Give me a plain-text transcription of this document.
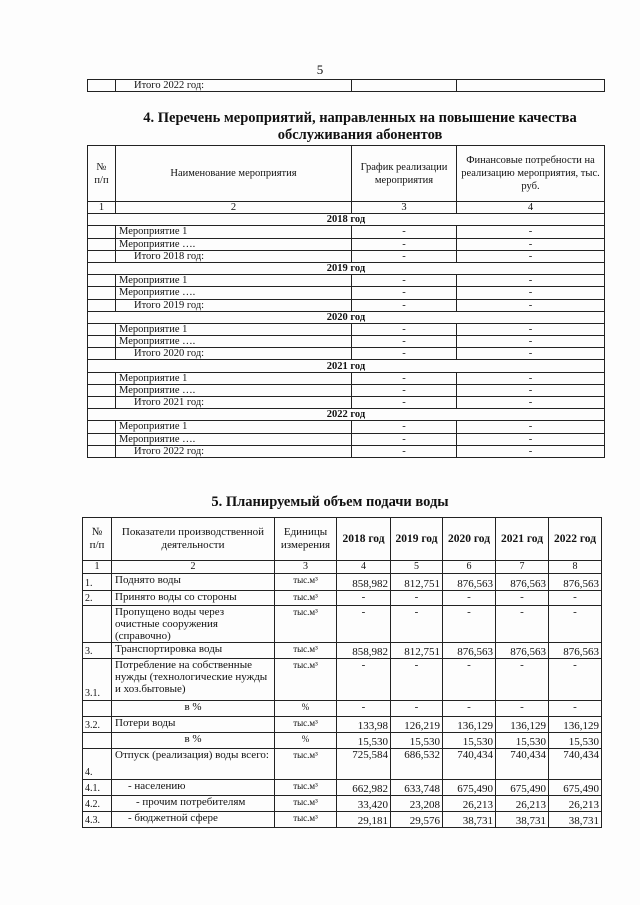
5
	Итого 2022 год:		
4. Перечень мероприятий, направленных на повышение качества
обслуживания абонентов
№ п/п	Наименование мероприятия	График реализации мероприятия	Финансовые потребности на реализацию мероприятия, тыс. руб.
1	2	3	4
2018 год			
	Мероприятие 1	-	-
	Мероприятие ….	-	-
	Итого 2018 год:	-	-
2019 год			
	Мероприятие 1	-	-
	Мероприятие ….	-	-
	Итого 2019 год:	-	-
2020 год			
	Мероприятие 1	-	-
	Мероприятие ….	-	-
	Итого 2020 год:	-	-
2021 год			
	Мероприятие 1	-	-
	Мероприятие ….	-	-
	Итого 2021 год:	-	-
2022 год			
	Мероприятие 1	-	-
	Мероприятие ….	-	-
	Итого 2022 год:	-	-
5. Планируемый объем подачи воды
№ п/п	Показатели производственной деятельности	Единицы измерения	2018 год	2019 год	2020 год	2021 год	2022 год
1	2	3	4	5	6	7	8
1.	Поднято воды	тыс.м³	858,982	812,751	876,563	876,563	876,563
2.	Принято воды со стороны	тыс.м³	-	-	-	-	-
	Пропущено воды через очистные сооружения (справочно)	тыс.м³	-	-	-	-	-
3.	Транспортировка воды	тыс.м³	858,982	812,751	876,563	876,563	876,563
3.1.	Потребление на собственные нужды (технологические нужды и хоз.бытовые)	тыс.м³	-	-	-	-	-
	в %	%	-	-	-	-	-
3.2.	Потери воды	тыс.м³	133,98	126,219	136,129	136,129	136,129
	в %	%	15,530	15,530	15,530	15,530	15,530
4.	Отпуск (реализация) воды всего:	тыс.м³	725,584	686,532	740,434	740,434	740,434
4.1.	- населению	тыс.м³	662,982	633,748	675,490	675,490	675,490
4.2.	- прочим потребителям	тыс.м³	33,420	23,208	26,213	26,213	26,213
4.3.	- бюджетной сфере	тыс.м³	29,181	29,576	38,731	38,731	38,731
